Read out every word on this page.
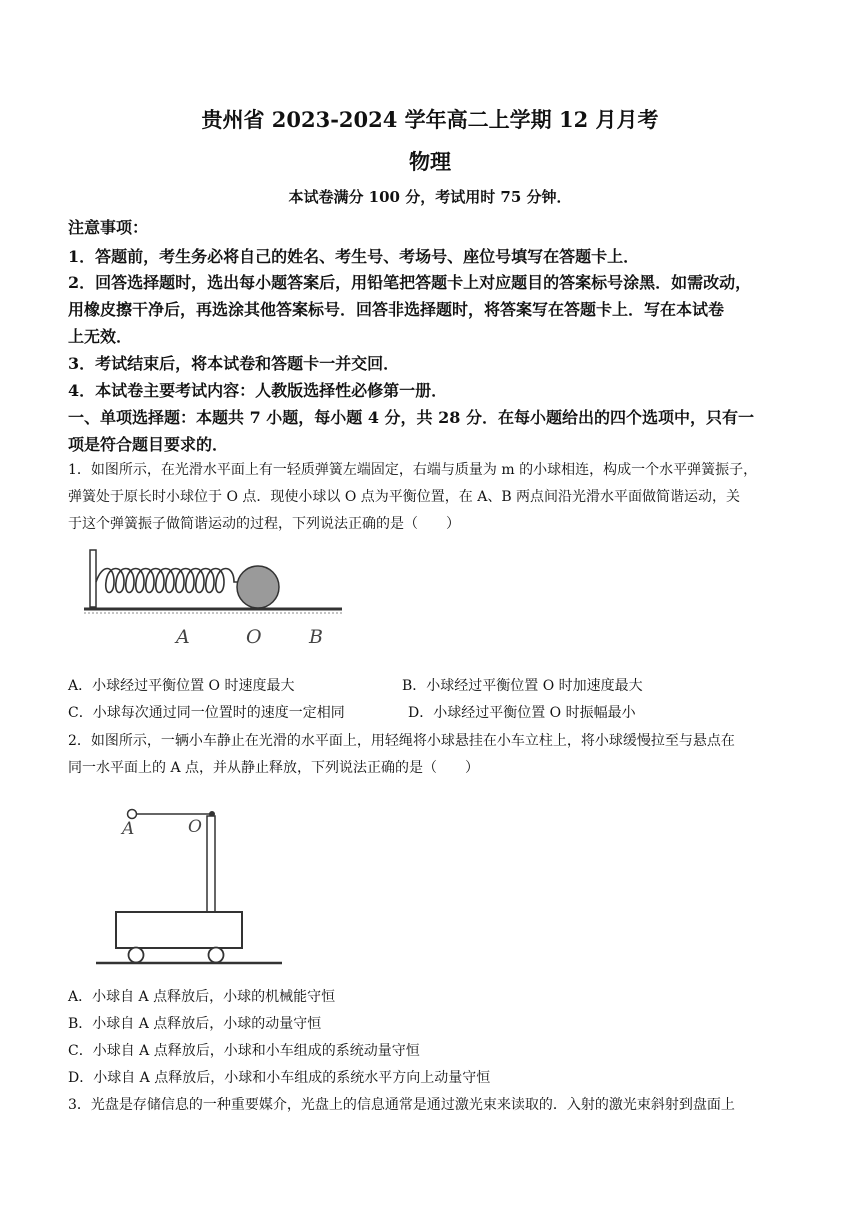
贵州省 2023-2024 学年高二上学期 12 月月考
物理
本试卷满分 100 分，考试用时 75 分钟．
注意事项：
1．答题前，考生务必将自己的姓名、考生号、考场号、座位号填写在答题卡上．
2．回答选择题时，选出每小题答案后，用铅笔把答题卡上对应题目的答案标号涂黑．如需改动，
用橡皮擦干净后，再选涂其他答案标号．回答非选择题时，将答案写在答题卡上．写在本试卷
上无效．
3．考试结束后，将本试卷和答题卡一并交回．
4．本试卷主要考试内容：人教版选择性必修第一册．
一、单项选择题：本题共 7 小题，每小题 4 分，共 28 分．在每小题给出的四个选项中，只有一
项是符合题目要求的．
1．如图所示，在光滑水平面上有一轻质弹簧左端固定，右端与质量为 m 的小球相连，构成一个水平弹簧振子，
弹簧处于原长时小球位于 O 点．现使小球以 O 点为平衡位置，在 A、B 两点间沿光滑水平面做简谐运动，关
于这个弹簧振子做简谐运动的过程，下列说法正确的是（　　）
A	O B
A．小球经过平衡位置 O 时速度最大	B．小球经过平衡位置 O 时加速度最大
C．小球每次通过同一位置时的速度一定相同	D．小球经过平衡位置 O 时振幅最小
2．如图所示，一辆小车静止在光滑的水平面上，用轻绳将小球悬挂在小车立柱上，将小球缓慢拉至与悬点在
同一水平面上的 A 点，并从静止释放，下列说法正确的是（　　）
A	O
A．小球自 A 点释放后，小球的机械能守恒
B．小球自 A 点释放后，小球的动量守恒
C．小球自 A 点释放后，小球和小车组成的系统动量守恒
D．小球自 A 点释放后，小球和小车组成的系统水平方向上动量守恒
3．光盘是存储信息的一种重要媒介，光盘上的信息通常是通过激光束来读取的．入射的激光束斜射到盘面上
